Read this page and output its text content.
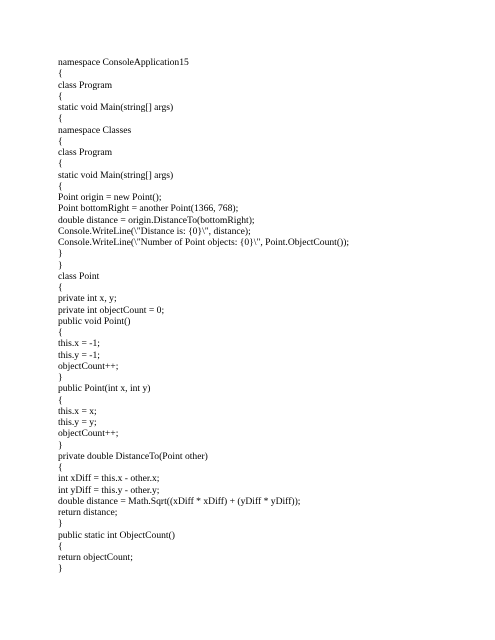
namespace ConsoleApplication15
{
class Program
{
static void Main(string[] args)
{
namespace Classes
{
class Program
{
static void Main(string[] args)
{
Point origin = new Point();
Point bottomRight = another Point(1366, 768);
double distance = origin.DistanceTo(bottomRight);
Console.WriteLine(\"Distance is: {0}\", distance);
Console.WriteLine(\"Number of Point objects: {0}\", Point.ObjectCount());
}
}
class Point
{
private int x, y;
private int objectCount = 0;
public void Point()
{
this.x = -1;
this.y = -1;
objectCount++;
}
public Point(int x, int y)
{
this.x = x;
this.y = y;
objectCount++;
}
private double DistanceTo(Point other)
{
int xDiff = this.x - other.x;
int yDiff = this.y - other.y;
double distance = Math.Sqrt((xDiff * xDiff) + (yDiff * yDiff));
return distance;
}
public static int ObjectCount()
{
return objectCount;
}
